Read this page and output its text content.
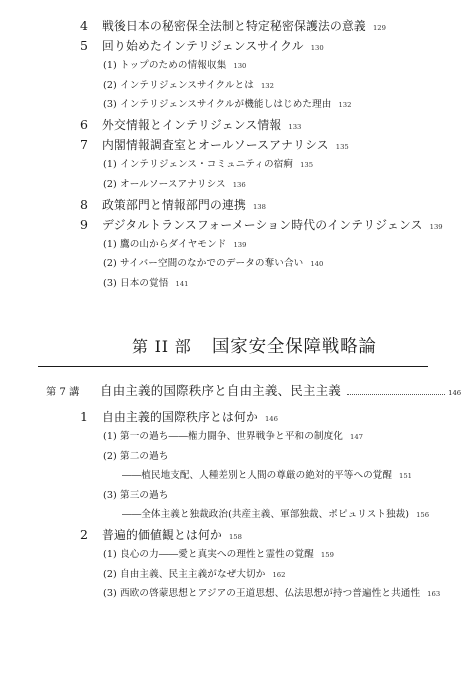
4	戦後日本の秘密保全法制と特定秘密保護法の意義 129
5	回り始めたインテリジェンスサイクル 130
(1) トップのための情報収集 130
(2) インテリジェンスサイクルとは 132
(3) インテリジェンスサイクルが機能しはじめた理由 132
6	外交情報とインテリジェンス情報 133
7	内閣情報調査室とオールソースアナリシス 135
(1) インテリジェンス・コミュニティの宿痾 135
(2) オールソースアナリシス 136
8	政策部門と情報部門の連携 138
9	デジタルトランスフォーメーション時代のインテリジェンス 139
(1) 鷹の山からダイヤモンド 139
(2) サイバー空間のなかでのデータの奪い合い 140
(3) 日本の覚悟 141
第 II 部 国家安全保障戦略論
第 7 講	自由主義的国際秩序と自由主義、民主主義	146
1	自由主義的国際秩序とは何か 146
(1) 第一の過ち――権力闘争、世界戦争と平和の制度化 147
(2) 第二の過ち
――植民地支配、人種差別と人間の尊厳の絶対的平等への覚醒 151
(3) 第三の過ち
――全体主義と独裁政治(共産主義、軍部独裁、ポピュリスト独裁) 156
2	普遍的価値観とは何か 158
(1) 良心の力――愛と真実への理性と霊性の覚醒 159
(2) 自由主義、民主主義がなぜ大切か 162
(3) 西欧の啓蒙思想とアジアの王道思想、仏法思想が持つ普遍性と共通性 163
